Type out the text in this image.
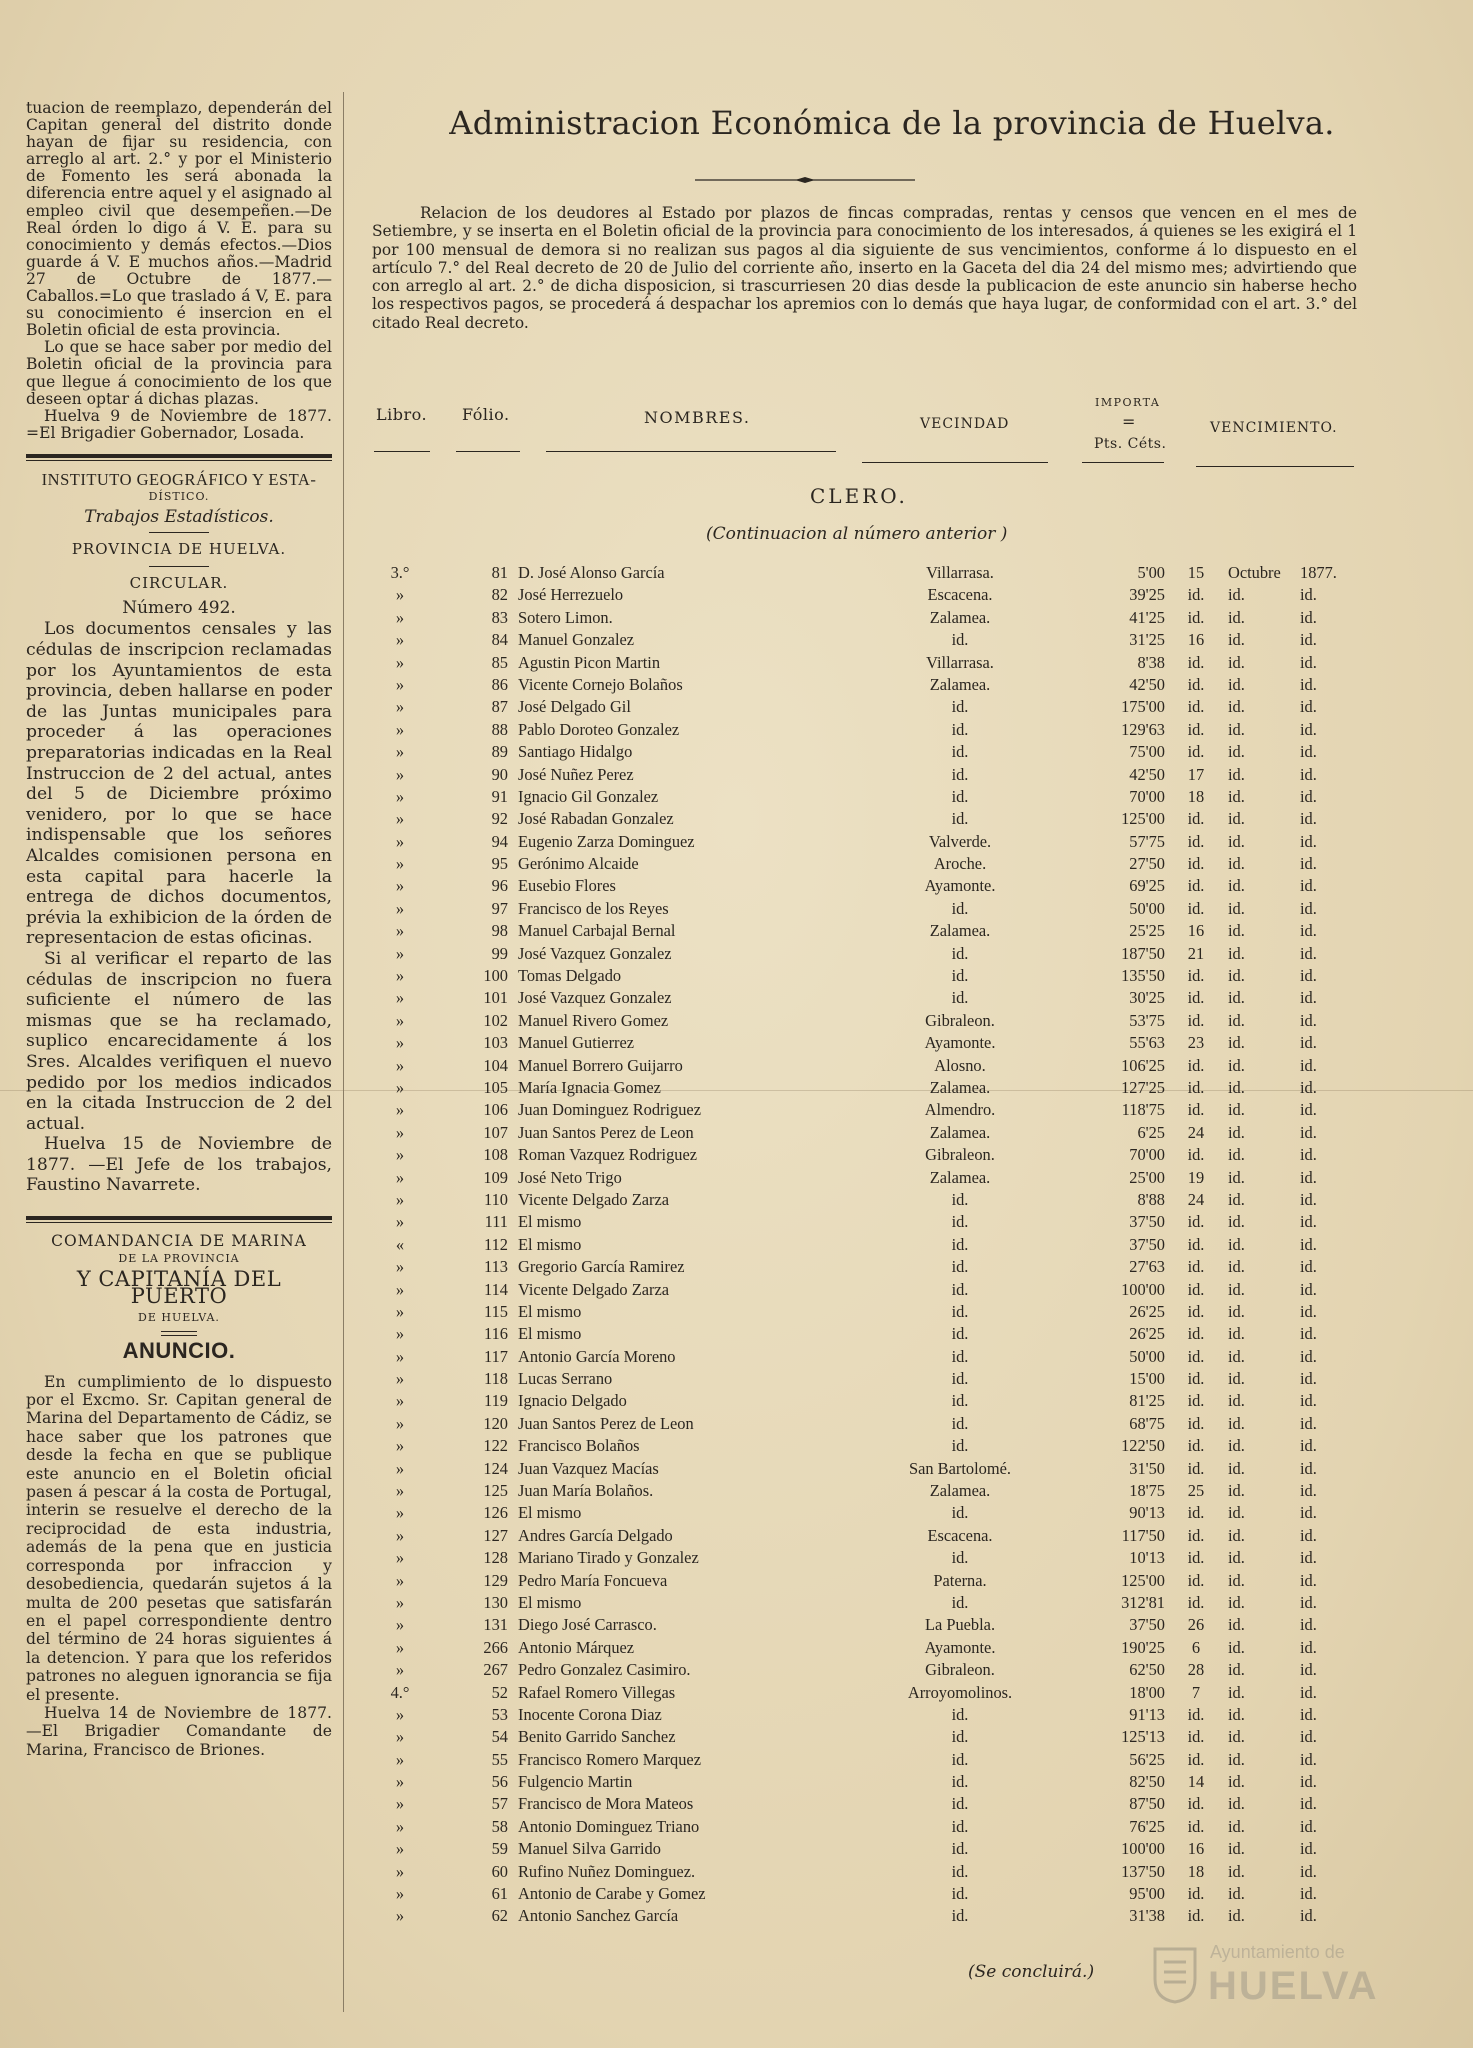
tuacion de reemplazo, dependerán del Capitan general del distrito donde hayan de fijar su residencia, con arreglo al art. 2.° y por el Ministerio de Fomento les será abonada la diferencia entre aquel y el asignado al empleo civil que desempeñen.—De Real órden lo digo á V. E. para su conocimiento y demás efectos.—Dios guarde á V. E muchos años.—Madrid 27 de Octubre de 1877.—Caballos.=Lo que traslado á V, E. para su conocimiento é insercion en el Boletin oficial de esta provincia.

Lo que se hace saber por medio del Boletin oficial de la provincia para que llegue á conocimiento de los que deseen optar á dichas plazas.

Huelva 9 de Noviembre de 1877. =El Brigadier Gobernador, Losada.

INSTITUTO GEOGRÁFICO Y ESTA-
DÍSTICO.
Trabajos Estadísticos.
PROVINCIA DE HUELVA.
CIRCULAR.
Número 492.

Los documentos censales y las cédulas de inscripcion reclamadas por los Ayuntamientos de esta provincia, deben hallarse en poder de las Juntas municipales para proceder á las operaciones preparatorias indicadas en la Real Instruccion de 2 del actual, antes del 5 de Diciembre próximo venidero, por lo que se hace indispensable que los señores Alcaldes comisionen persona en esta capital para hacerle la entrega de dichos documentos, prévia la exhibicion de la órden de representacion de estas oficinas.

Si al verificar el reparto de las cédulas de inscripcion no fuera suficiente el número de las mismas que se ha reclamado, suplico encarecidamente á los Sres. Alcaldes verifiquen el nuevo pedido por los medios indicados en la citada Instruccion de 2 del actual.

Huelva 15 de Noviembre de 1877. —El Jefe de los trabajos, Faustino Navarrete.

COMANDANCIA DE MARINA
DE LA PROVINCIA
Y CAPITANÍA DEL PUERTO
DE HUELVA.
ANUNCIO.

En cumplimiento de lo dispuesto por el Excmo. Sr. Capitan general de Marina del Departamento de Cádiz, se hace saber que los patrones que desde la fecha en que se publique este anuncio en el Boletin oficial pasen á pescar á la costa de Portugal, interin se resuelve el derecho de la reciprocidad de esta industria, además de la pena que en justicia corresponda por infraccion y desobediencia, quedarán sujetos á la multa de 200 pesetas que satisfarán en el papel correspondiente dentro del término de 24 horas siguientes á la detencion. Y para que los referidos patrones no aleguen ignorancia se fija el presente.

Huelva 14 de Noviembre de 1877. —El Brigadier Comandante de Marina, Francisco de Briones.

Administracion Económica de la provincia de Huelva.
Relacion de los deudores al Estado por plazos de fincas compradas, rentas y censos que vencen en el mes de Setiembre, y se inserta en el Boletin oficial de la provincia para conocimiento de los interesados, á quienes se les exigirá el 1 por 100 mensual de demora si no realizan sus pagos al dia siguiente de sus vencimientos, conforme á lo dispuesto en el artículo 7.° del Real decreto de 20 de Julio del corriente año, inserto en la Gaceta del dia 24 del mismo mes; advirtiendo que con arreglo al art. 2.° de dicha disposicion, si trascurriesen 20 dias desde la publicacion de este anuncio sin haberse hecho los respectivos pagos, se procederá á despachar los apremios con lo demás que haya lugar, de conformidad con el art. 3.° del citado Real decreto.
Libro. Fólio.	NOMBRES.	VECINDAD
IMPORTA
=
Pts. Céts.
VENCIMIENTO.
CLERO.
(Continuacion al número anterior )
3.°	81 D. José Alonso García	Villarrasa.	5'00	15	Octubre	1877.
»	82 José Herrezuelo	Escacena.	39'25	id.	id.	id.
»	83 Sotero Limon.	Zalamea.	41'25	id.	id.	id.
»	84 Manuel Gonzalez	id.	31'25	16	id.	id.
»	85 Agustin Picon Martin	Villarrasa.	8'38	id.	id.	id.
»	86 Vicente Cornejo Bolaños	Zalamea.	42'50	id.	id.	id.
»	87 José Delgado Gil	id.	175'00	id.	id.	id.
»	88 Pablo Doroteo Gonzalez	id.	129'63	id.	id.	id.
»	89 Santiago Hidalgo	id.	75'00	id.	id.	id.
»	90 José Nuñez Perez	id.	42'50	17	id.	id.
»	91 Ignacio Gil Gonzalez	id.	70'00	18	id.	id.
»	92 José Rabadan Gonzalez	id.	125'00	id.	id.	id.
»	94 Eugenio Zarza Dominguez	Valverde.	57'75	id.	id.	id.
»	95 Gerónimo Alcaide	Aroche.	27'50	id.	id.	id.
»	96 Eusebio Flores	Ayamonte.	69'25	id.	id.	id.
»	97 Francisco de los Reyes	id.	50'00	id.	id.	id.
»	98 Manuel Carbajal Bernal	Zalamea.	25'25	16	id.	id.
»	99 José Vazquez Gonzalez	id.	187'50	21	id.	id.
»	100 Tomas Delgado	id.	135'50	id.	id.	id.
»	101 José Vazquez Gonzalez	id.	30'25	id.	id.	id.
»	102 Manuel Rivero Gomez	Gibraleon.	53'75	id.	id.	id.
»	103 Manuel Gutierrez	Ayamonte.	55'63	23	id.	id.
»	104 Manuel Borrero Guijarro	Alosno.	106'25	id.	id.	id.
»	105 María Ignacia Gomez	Zalamea.	127'25	id.	id.	id.
»	106 Juan Dominguez Rodriguez	Almendro.	118'75	id.	id.	id.
»	107 Juan Santos Perez de Leon	Zalamea.	6'25	24	id.	id.
»	108 Roman Vazquez Rodriguez	Gibraleon.	70'00	id.	id.	id.
»	109 José Neto Trigo	Zalamea.	25'00	19	id.	id.
»	110 Vicente Delgado Zarza	id.	8'88	24	id.	id.
»	111 El mismo	id.	37'50	id.	id.	id.
«	112 El mismo	id.	37'50	id.	id.	id.
»	113 Gregorio García Ramirez	id.	27'63	id.	id.	id.
»	114 Vicente Delgado Zarza	id.	100'00	id.	id.	id.
»	115 El mismo	id.	26'25	id.	id.	id.
»	116 El mismo	id.	26'25	id.	id.	id.
»	117 Antonio García Moreno	id.	50'00	id.	id.	id.
»	118 Lucas Serrano	id.	15'00	id.	id.	id.
»	119 Ignacio Delgado	id.	81'25	id.	id.	id.
»	120 Juan Santos Perez de Leon	id.	68'75	id.	id.	id.
»	122 Francisco Bolaños	id.	122'50	id.	id.	id.
»	124 Juan Vazquez Macías	San Bartolomé.	31'50	id.	id.	id.
»	125 Juan María Bolaños.	Zalamea.	18'75	25	id.	id.
»	126 El mismo	id.	90'13	id.	id.	id.
»	127 Andres García Delgado	Escacena.	117'50	id.	id.	id.
»	128 Mariano Tirado y Gonzalez	id.	10'13	id.	id.	id.
»	129 Pedro María Foncueva	Paterna.	125'00	id.	id.	id.
»	130 El mismo	id.	312'81	id.	id.	id.
»	131 Diego José Carrasco.	La Puebla.	37'50	26	id.	id.
»	266 Antonio Márquez	Ayamonte.	190'25	6	id.	id.
»	267 Pedro Gonzalez Casimiro.	Gibraleon.	62'50	28	id.	id.
4.°	52 Rafael Romero Villegas	Arroyomolinos.	18'00	7	id.	id.
»	53 Inocente Corona Diaz	id.	91'13	id.	id.	id.
»	54 Benito Garrido Sanchez	id.	125'13	id.	id.	id.
»	55 Francisco Romero Marquez	id.	56'25	id.	id.	id.
»	56 Fulgencio Martin	id.	82'50	14	id.	id.
»	57 Francisco de Mora Mateos	id.	87'50	id.	id.	id.
»	58 Antonio Dominguez Triano	id.	76'25	id.	id.	id.
»	59 Manuel Silva Garrido	id.	100'00	16	id.	id.
»	60 Rufino Nuñez Dominguez.	id.	137'50	18	id.	id.
»	61 Antonio de Carabe y Gomez	id.	95'00	id.	id.	id.
»	62 Antonio Sanchez García	id.	31'38	id.	id.	id.
(Se concluirá.)
Ayuntamiento de
HUELVA
